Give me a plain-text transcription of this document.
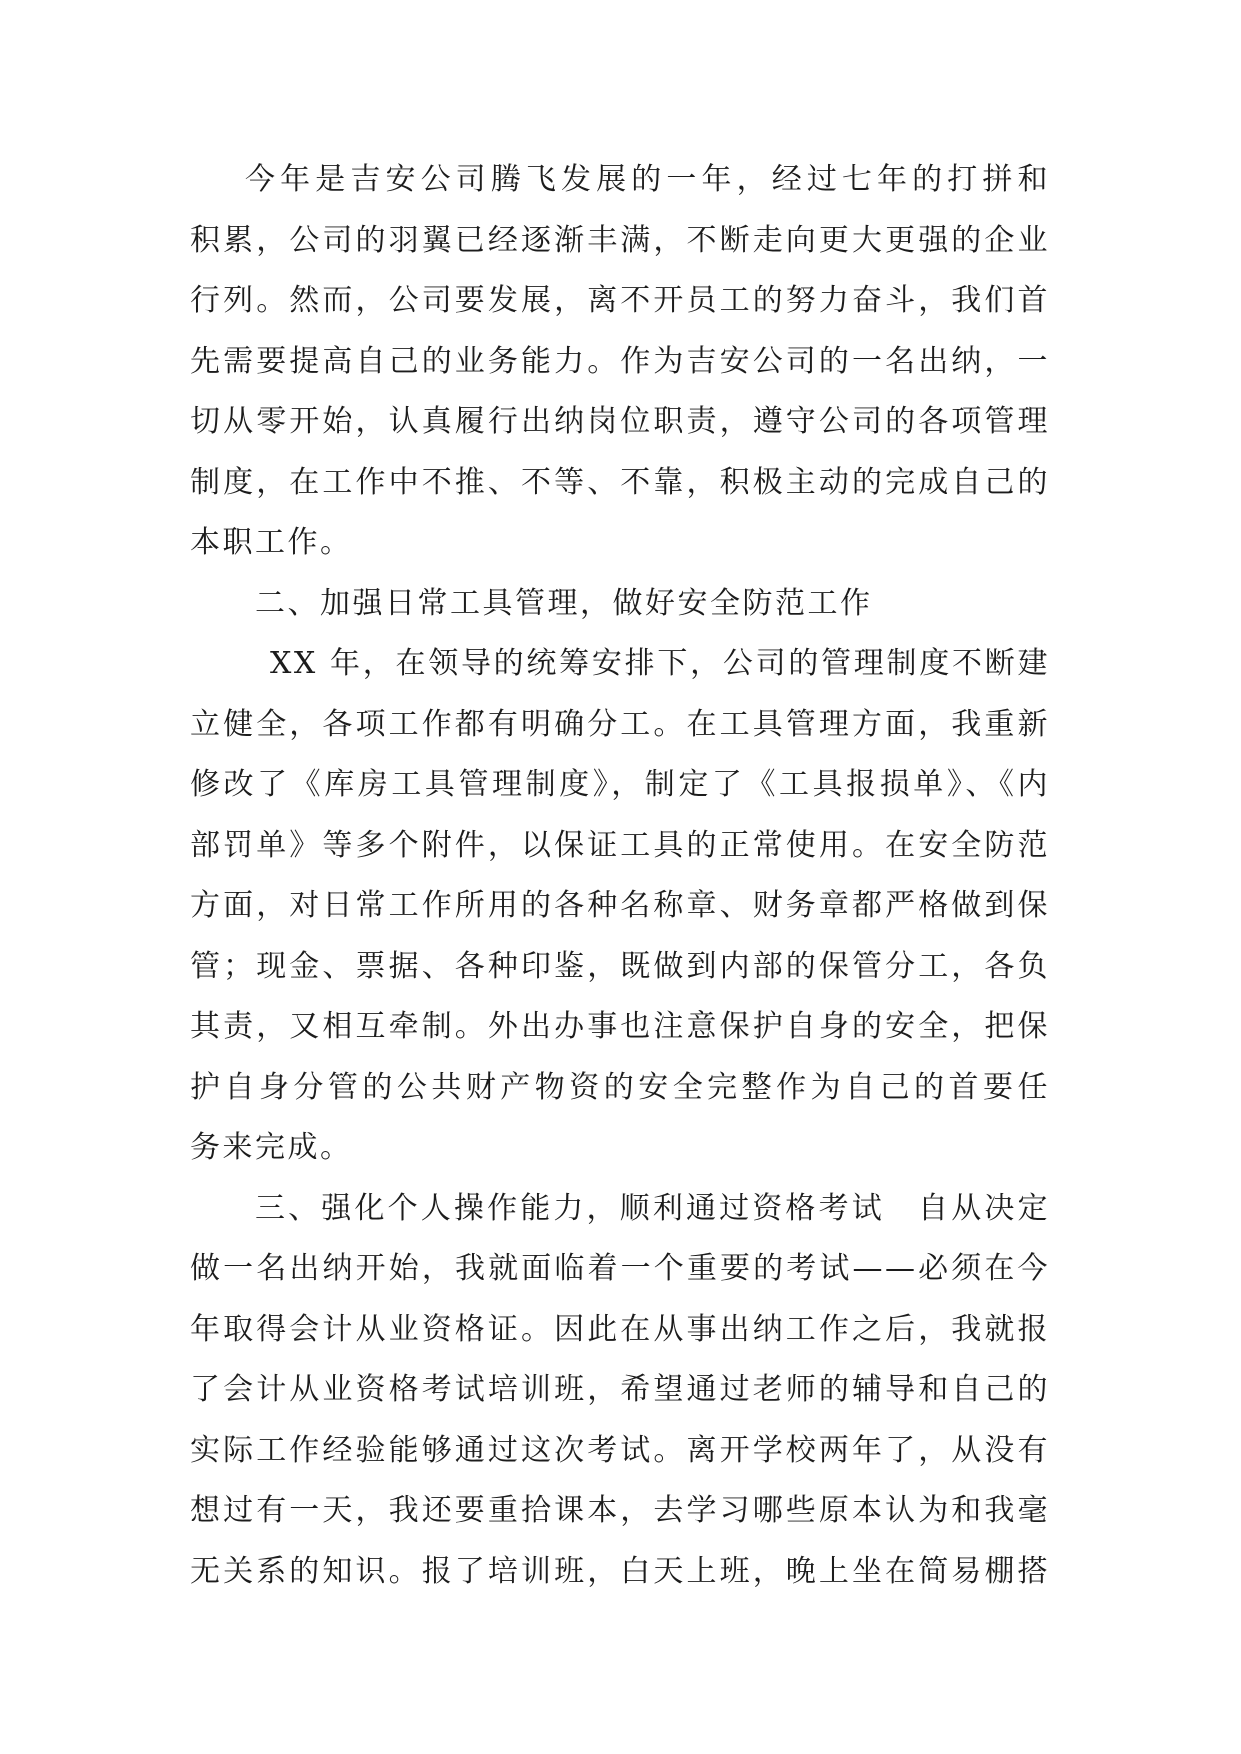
今年是吉安公司腾飞发展的一年，经过七年的打拼和
积累，公司的羽翼已经逐渐丰满，不断走向更大更强的企业
行列。然而，公司要发展，离不开员工的努力奋斗，我们首
先需要提高自己的业务能力。作为吉安公司的一名出纳，一
切从零开始，认真履行出纳岗位职责，遵守公司的各项管理
制度，在工作中不推、不等、不靠，积极主动的完成自己的
本职工作。
二、加强日常工具管理，做好安全防范工作
XX 年，在领导的统筹安排下，公司的管理制度不断建
立健全，各项工作都有明确分工。在工具管理方面，我重新
修改了《库房工具管理制度》，制定了《工具报损单》、《内
部罚单》等多个附件，以保证工具的正常使用。在安全防范
方面，对日常工作所用的各种名称章、财务章都严格做到保
管；现金、票据、各种印鉴，既做到内部的保管分工，各负
其责，又相互牵制。外出办事也注意保护自身的安全，把保
护自身分管的公共财产物资的安全完整作为自己的首要任
务来完成。
三、强化个人操作能力，顺利通过资格考试　自从决定
做一名出纳开始，我就面临着一个重要的考试——必须在今
年取得会计从业资格证。因此在从事出纳工作之后，我就报
了会计从业资格考试培训班，希望通过老师的辅导和自己的
实际工作经验能够通过这次考试。离开学校两年了，从没有
想过有一天，我还要重拾课本，去学习哪些原本认为和我毫
无关系的知识。报了培训班，白天上班，晚上坐在简易棚搭
